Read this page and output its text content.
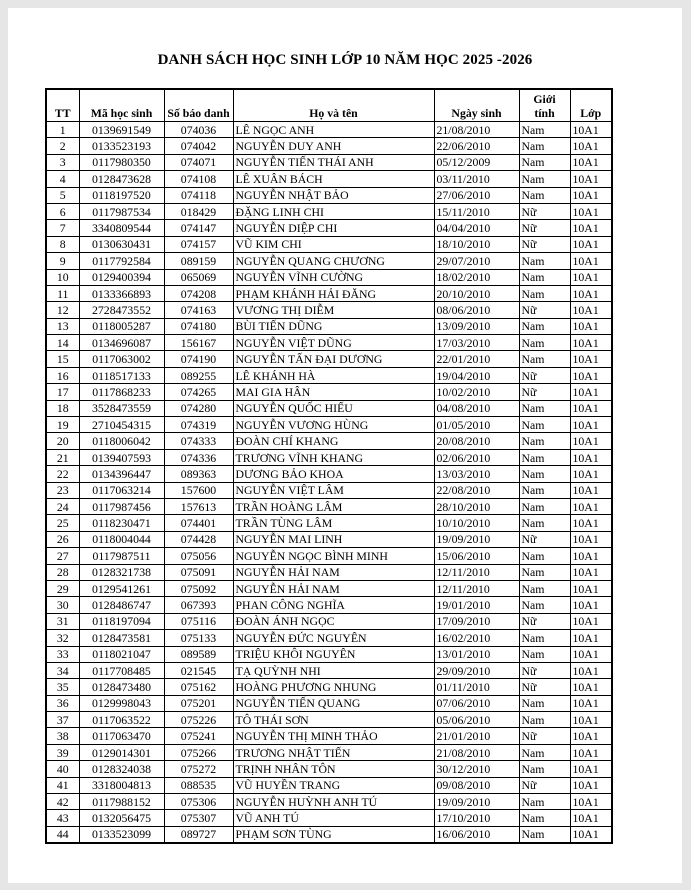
DANH SÁCH HỌC SINH LỚP 10 NĂM HỌC 2025 -2026
TT	Mã học sinh	Số báo danh	Họ và tên	Ngày sinh	Giới
tính	Lớp
1	0139691549	074036	LÊ NGỌC ANH	21/08/2010	Nam	10A1
2	0133523193	074042	NGUYỄN DUY ANH	22/06/2010	Nam	10A1
3	0117980350	074071	NGUYỄN TIẾN THÁI ANH	05/12/2009	Nam	10A1
4	0128473628	074108	LÊ XUÂN BÁCH	03/11/2010	Nam	10A1
5	0118197520	074118	NGUYỄN NHẬT BẢO	27/06/2010	Nam	10A1
6	0117987534	018429	ĐẶNG LINH CHI	15/11/2010	Nữ	10A1
7	3340809544	074147	NGUYỄN DIỆP CHI	04/04/2010	Nữ	10A1
8	0130630431	074157	VŨ KIM CHI	18/10/2010	Nữ	10A1
9	0117792584	089159	NGUYỄN QUANG CHƯƠNG	29/07/2010	Nam	10A1
10	0129400394	065069	NGUYỄN VĨNH CƯỜNG	18/02/2010	Nam	10A1
11	0133366893	074208	PHẠM KHÁNH HẢI ĐĂNG	20/10/2010	Nam	10A1
12	2728473552	074163	VƯƠNG THỊ DIỄM	08/06/2010	Nữ	10A1
13	0118005287	074180	BÙI TIẾN DŨNG	13/09/2010	Nam	10A1
14	0134696087	156167	NGUYỄN VIỆT DŨNG	17/03/2010	Nam	10A1
15	0117063002	074190	NGUYỄN TẤN ĐẠI DƯƠNG	22/01/2010	Nam	10A1
16	0118517133	089255	LÊ KHÁNH HÀ	19/04/2010	Nữ	10A1
17	0117868233	074265	MAI GIA HÂN	10/02/2010	Nữ	10A1
18	3528473559	074280	NGUYỄN QUỐC HIẾU	04/08/2010	Nam	10A1
19	2710454315	074319	NGUYỄN VƯƠNG HÙNG	01/05/2010	Nam	10A1
20	0118006042	074333	ĐOÀN CHÍ KHANG	20/08/2010	Nam	10A1
21	0139407593	074336	TRƯƠNG VĨNH KHANG	02/06/2010	Nam	10A1
22	0134396447	089363	DƯƠNG BẢO KHOA	13/03/2010	Nam	10A1
23	0117063214	157600	NGUYỄN VIỆT LÂM	22/08/2010	Nam	10A1
24	0117987456	157613	TRẦN HOÀNG LÂM	28/10/2010	Nam	10A1
25	0118230471	074401	TRẦN TÙNG LÂM	10/10/2010	Nam	10A1
26	0118004044	074428	NGUYỄN MAI LINH	19/09/2010	Nữ	10A1
27	0117987511	075056	NGUYỄN NGỌC BÌNH MINH	15/06/2010	Nam	10A1
28	0128321738	075091	NGUYỄN HẢI NAM	12/11/2010	Nam	10A1
29	0129541261	075092	NGUYỄN HẢI NAM	12/11/2010	Nam	10A1
30	0128486747	067393	PHAN CÔNG NGHĨA	19/01/2010	Nam	10A1
31	0118197094	075116	ĐOÀN ÁNH NGỌC	17/09/2010	Nữ	10A1
32	0128473581	075133	NGUYỄN ĐỨC NGUYÊN	16/02/2010	Nam	10A1
33	0118021047	089589	TRIỆU KHÔI NGUYÊN	13/01/2010	Nam	10A1
34	0117708485	021545	TẠ QUỲNH NHI	29/09/2010	Nữ	10A1
35	0128473480	075162	HOÀNG PHƯƠNG NHUNG	01/11/2010	Nữ	10A1
36	0129998043	075201	NGUYỄN TIẾN QUANG	07/06/2010	Nam	10A1
37	0117063522	075226	TÔ THÁI SƠN	05/06/2010	Nam	10A1
38	0117063470	075241	NGUYỄN THỊ MINH THẢO	21/01/2010	Nữ	10A1
39	0129014301	075266	TRƯƠNG NHẬT TIẾN	21/08/2010	Nam	10A1
40	0128324038	075272	TRỊNH NHÂN TÔN	30/12/2010	Nam	10A1
41	3318004813	088535	VŨ HUYỀN TRANG	09/08/2010	Nữ	10A1
42	0117988152	075306	NGUYỄN HUỲNH ANH TÚ	19/09/2010	Nam	10A1
43	0132056475	075307	VŨ ANH TÚ	17/10/2010	Nam	10A1
44	0133523099	089727	PHẠM SƠN TÙNG	16/06/2010	Nam	10A1
